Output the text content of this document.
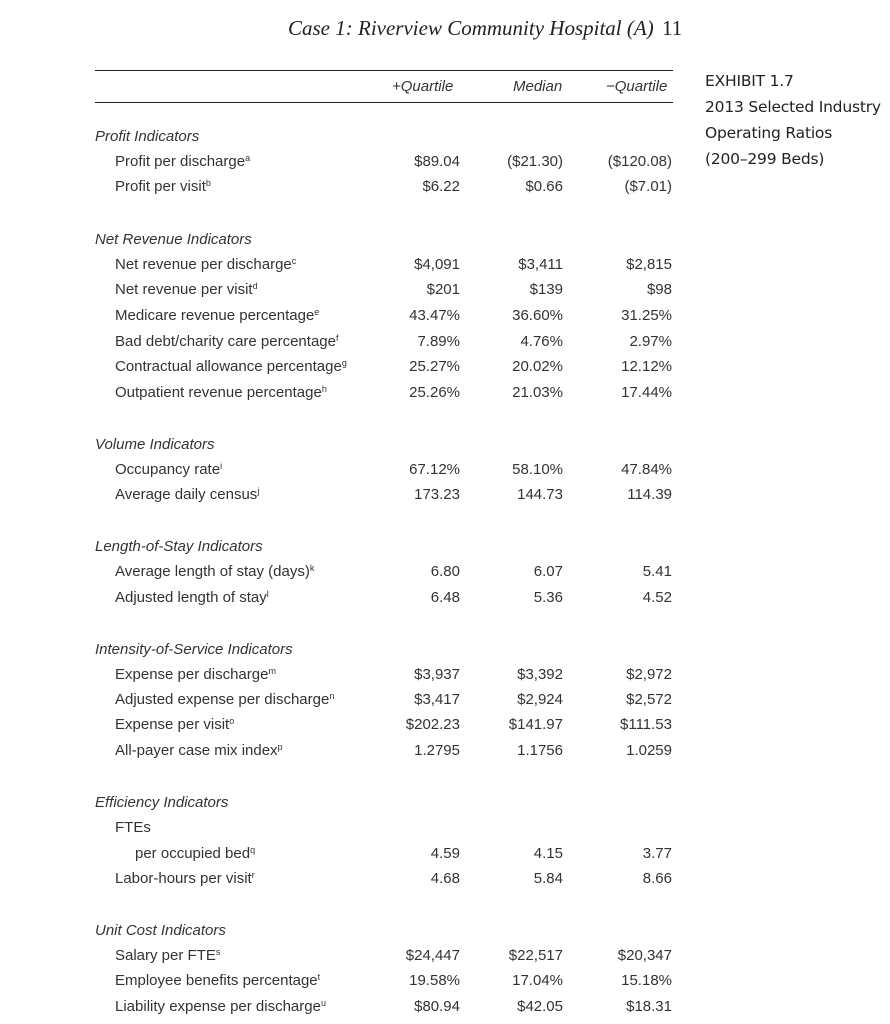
Case 1: Riverview Community Hospital (A) 11
+Quartile	Median	−Quartile EXHIBIT 1.7
2013 Selected Industry
Operating Ratios
(200–299 Beds)
Profit Indicators
Profit per discharge$^a$	$89.04	($21.30)	($120.08)
Profit per visit$^b$	$6.22	$0.66	($7.01)
Net Revenue Indicators
Net revenue per discharge$^c$	$4,091	$3,411	$2,815
Net revenue per visit$^d$	$201	$139	$98
Medicare revenue percentage$^e$	43.47%	36.60%	31.25%
Bad debt/charity care percentage$^f$	7.89%	4.76%	2.97%
Contractual allowance percentage$^g$	25.27%	20.02%	12.12%
Outpatient revenue percentage$^h$	25.26%	21.03%	17.44%
Volume Indicators
Occupancy rate$^i$	67.12%	58.10%	47.84%
Average daily census$^j$	173.23	144.73	114.39
Length-of-Stay Indicators
Average length of stay (days)$^k$	6.80	6.07	5.41
Adjusted length of stay$^l$	6.48	5.36	4.52
Intensity-of-Service Indicators
Expense per discharge$^m$	$3,937	$3,392	$2,972
Adjusted expense per discharge$^n$	$3,417	$2,924	$2,572
Expense per visit$^o$	$202.23	$141.97	$111.53
All-payer case mix index$^p$	1.2795	1.1756	1.0259
Efficiency Indicators
FTEs
per occupied bed$^q$	4.59	4.15	3.77
Labor-hours per visit$^r$	4.68	5.84	8.66
Unit Cost Indicators
Salary per FTE$^s$	$24,447	$22,517	$20,347
Employee benefits percentage$^t$	19.58%	17.04%	15.18%
Liability expense per discharge$^u$	$80.94	$42.05	$18.31
